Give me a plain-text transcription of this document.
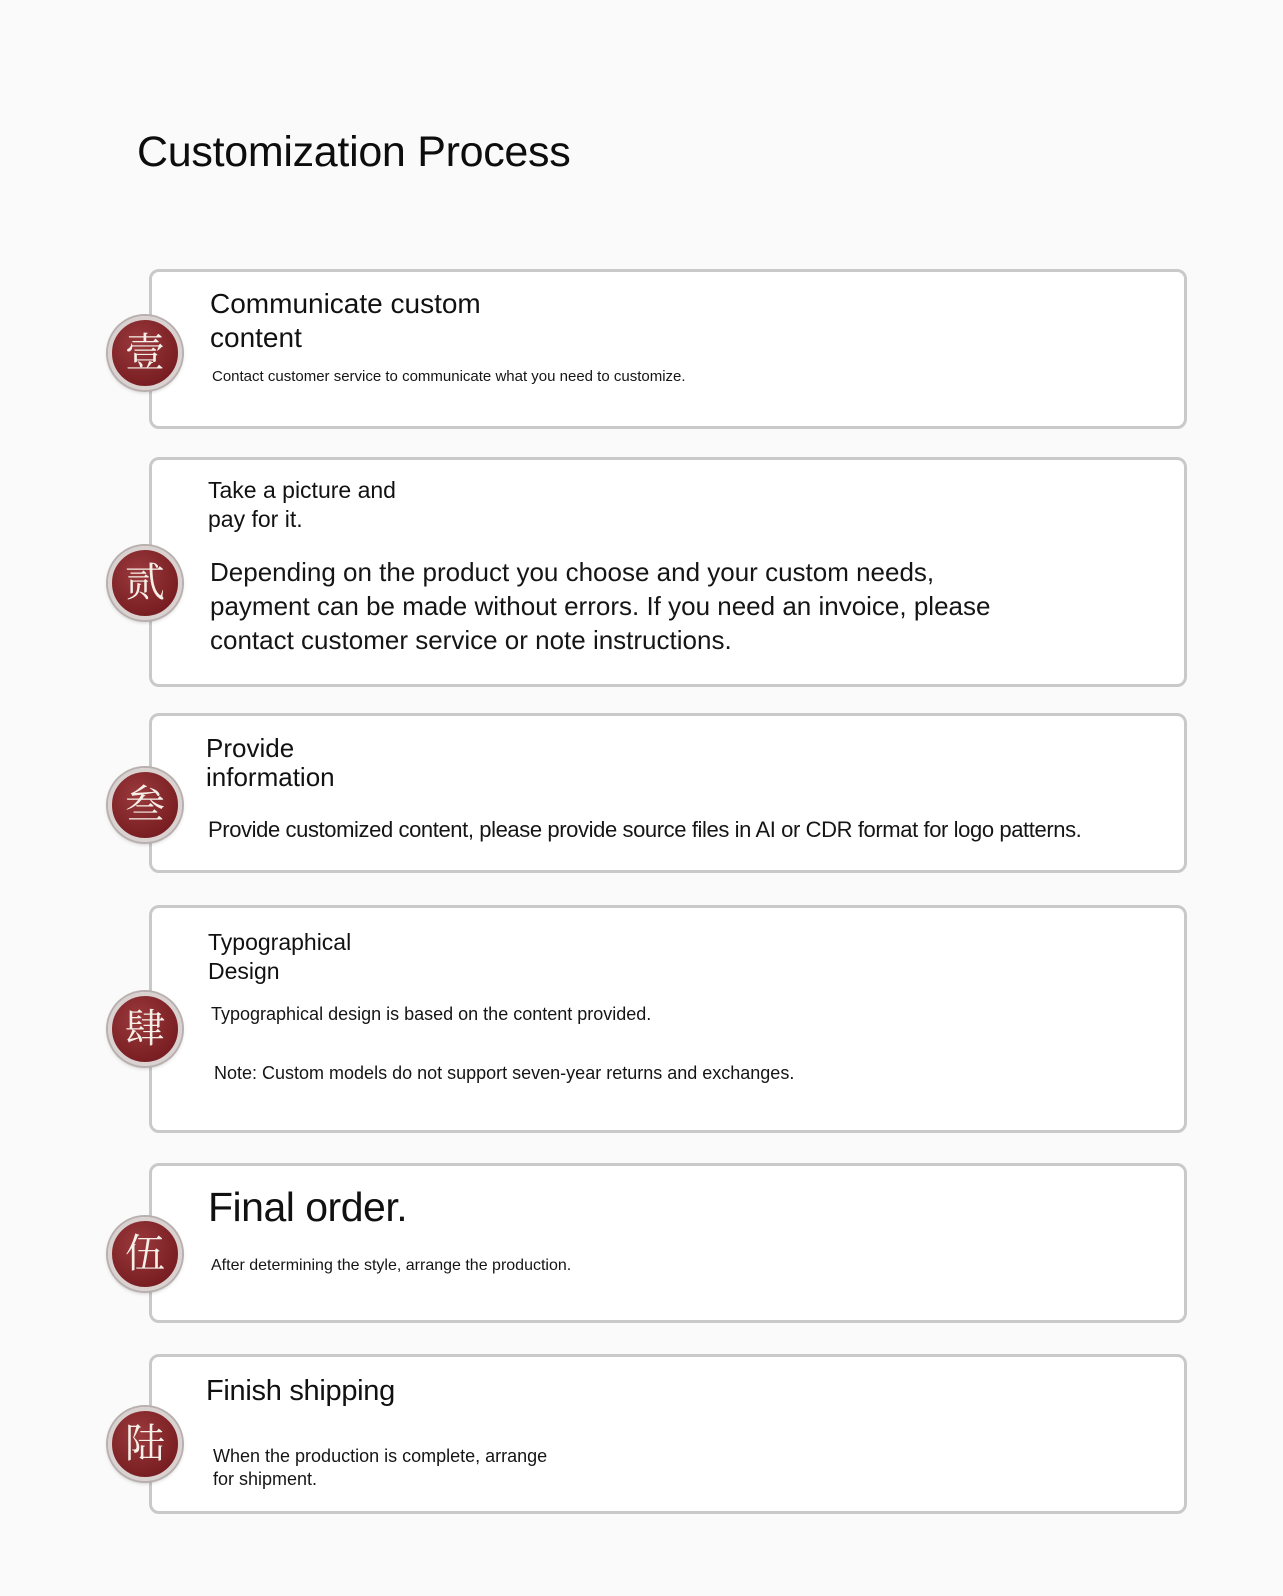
Customization Process
壹
Communicate custom
content

Contact customer service to communicate what you need to customize.

贰
Take a picture and
pay for it.

Depending on the product you choose and your custom needs,
payment can be made without errors. If you need an invoice, please
contact customer service or note instructions.

叁
Provide
information

Provide customized content, please provide source files in AI or CDR format for logo patterns.

肆
Typographical
Design

Typographical design is based on the content provided.

Note: Custom models do not support seven-year returns and exchanges.

伍
Final order.

After determining the style, arrange the production.

陆
Finish shipping

When the production is complete, arrange
for shipment.
